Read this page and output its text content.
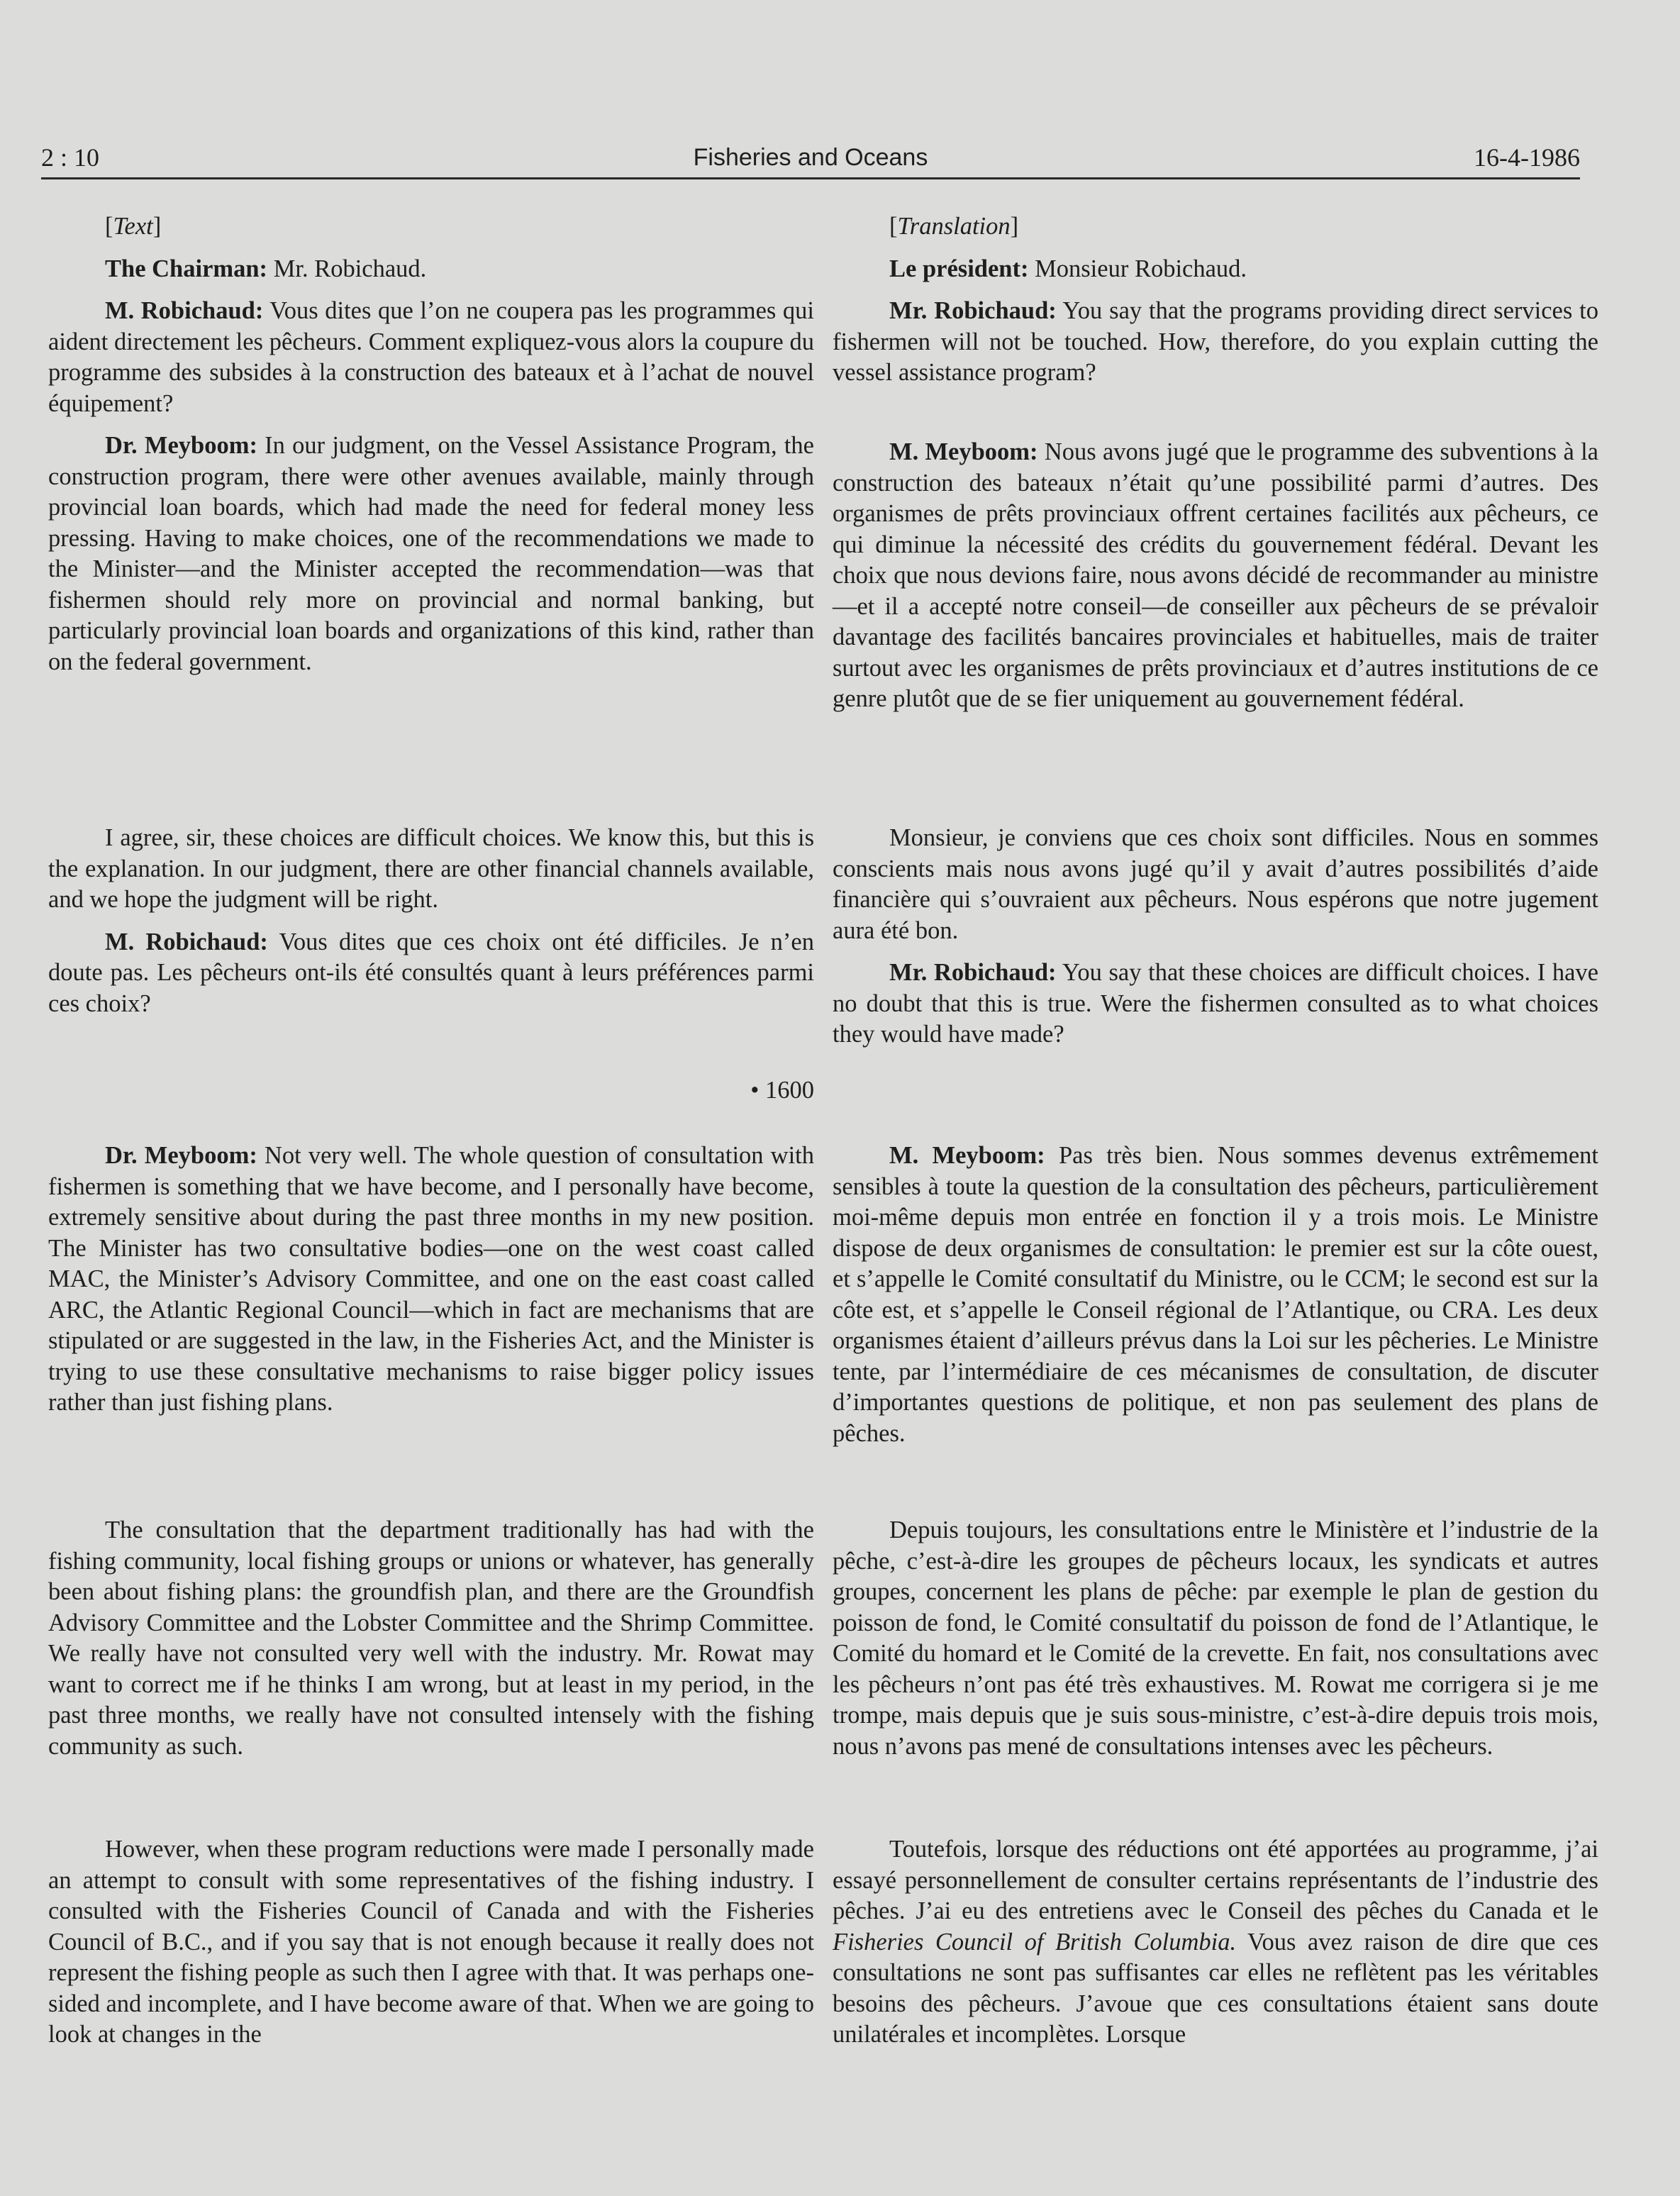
2 : 10	Fisheries and Oceans	16-4-1986

[Text]

The Chairman: Mr. Robichaud.

M. Robichaud: Vous dites que l’on ne coupera pas les programmes qui aident directement les pêcheurs. Comment expliquez-vous alors la coupure du programme des subsides à la construction des bateaux et à l’achat de nouvel équipement?

Dr. Meyboom: In our judgment, on the Vessel Assistance Program, the construction program, there were other avenues available, mainly through provincial loan boards, which had made the need for federal money less pressing. Having to make choices, one of the recommendations we made to the Minister—and the Minister accepted the recommendation—was that fishermen should rely more on provincial and normal banking, but particularly provincial loan boards and organizations of this kind, rather than on the federal government.

I agree, sir, these choices are difficult choices. We know this, but this is the explanation. In our judgment, there are other financial channels available, and we hope the judgment will be right.

M. Robichaud: Vous dites que ces choix ont été difficiles. Je n’en doute pas. Les pêcheurs ont-ils été consultés quant à leurs préférences parmi ces choix?

• 1600

Dr. Meyboom: Not very well. The whole question of consultation with fishermen is something that we have become, and I personally have become, extremely sensitive about during the past three months in my new position. The Minister has two consultative bodies—one on the west coast called MAC, the Minister’s Advisory Committee, and one on the east coast called ARC, the Atlantic Regional Council—which in fact are mechanisms that are stipulated or are suggested in the law, in the Fisheries Act, and the Minister is trying to use these consultative mechanisms to raise bigger policy issues rather than just fishing plans.

The consultation that the department traditionally has had with the fishing community, local fishing groups or unions or whatever, has generally been about fishing plans: the groundfish plan, and there are the Groundfish Advisory Committee and the Lobster Committee and the Shrimp Committee. We really have not consulted very well with the industry. Mr. Rowat may want to correct me if he thinks I am wrong, but at least in my period, in the past three months, we really have not consulted intensely with the fishing community as such.

However, when these program reductions were made I personally made an attempt to consult with some representatives of the fishing industry. I consulted with the Fisheries Council of Canada and with the Fisheries Council of B.C., and if you say that is not enough because it really does not represent the fishing people as such then I agree with that. It was perhaps one-sided and incomplete, and I have become aware of that. When we are going to look at changes in the

[Translation]

Le président: Monsieur Robichaud.

Mr. Robichaud: You say that the programs providing direct services to fishermen will not be touched. How, therefore, do you explain cutting the vessel assistance program?

M. Meyboom: Nous avons jugé que le programme des subventions à la construction des bateaux n’était qu’une possibilité parmi d’autres. Des organismes de prêts provinciaux offrent certaines facilités aux pêcheurs, ce qui diminue la nécessité des crédits du gouvernement fédéral. Devant les choix que nous devions faire, nous avons décidé de recommander au ministre—et il a accepté notre conseil—de conseiller aux pêcheurs de se prévaloir davantage des facilités bancaires provinciales et habituelles, mais de traiter surtout avec les organismes de prêts provinciaux et d’autres institutions de ce genre plutôt que de se fier uniquement au gouvernement fédéral.

Monsieur, je conviens que ces choix sont difficiles. Nous en sommes conscients mais nous avons jugé qu’il y avait d’autres possibilités d’aide financière qui s’ouvraient aux pêcheurs. Nous espérons que notre jugement aura été bon.

Mr. Robichaud: You say that these choices are difficult choices. I have no doubt that this is true. Were the fishermen consulted as to what choices they would have made?

M. Meyboom: Pas très bien. Nous sommes devenus extrêmement sensibles à toute la question de la consultation des pêcheurs, particulièrement moi-même depuis mon entrée en fonction il y a trois mois. Le Ministre dispose de deux organismes de consultation: le premier est sur la côte ouest, et s’appelle le Comité consultatif du Ministre, ou le CCM; le second est sur la côte est, et s’appelle le Conseil régional de l’Atlantique, ou CRA. Les deux organismes étaient d’ailleurs prévus dans la Loi sur les pêcheries. Le Ministre tente, par l’intermédiaire de ces mécanismes de consultation, de discuter d’importantes questions de politique, et non pas seulement des plans de pêches.

Depuis toujours, les consultations entre le Ministère et l’industrie de la pêche, c’est-à-dire les groupes de pêcheurs locaux, les syndicats et autres groupes, concernent les plans de pêche: par exemple le plan de gestion du poisson de fond, le Comité consultatif du poisson de fond de l’Atlantique, le Comité du homard et le Comité de la crevette. En fait, nos consultations avec les pêcheurs n’ont pas été très exhaustives. M. Rowat me corrigera si je me trompe, mais depuis que je suis sous-ministre, c’est-à-dire depuis trois mois, nous n’avons pas mené de consultations intenses avec les pêcheurs.

Toutefois, lorsque des réductions ont été apportées au programme, j’ai essayé personnellement de consulter certains représentants de l’industrie des pêches. J’ai eu des entretiens avec le Conseil des pêches du Canada et le Fisheries Council of British Columbia. Vous avez raison de dire que ces consultations ne sont pas suffisantes car elles ne reflètent pas les véritables besoins des pêcheurs. J’avoue que ces consultations étaient sans doute unilatérales et incomplètes. Lorsque
